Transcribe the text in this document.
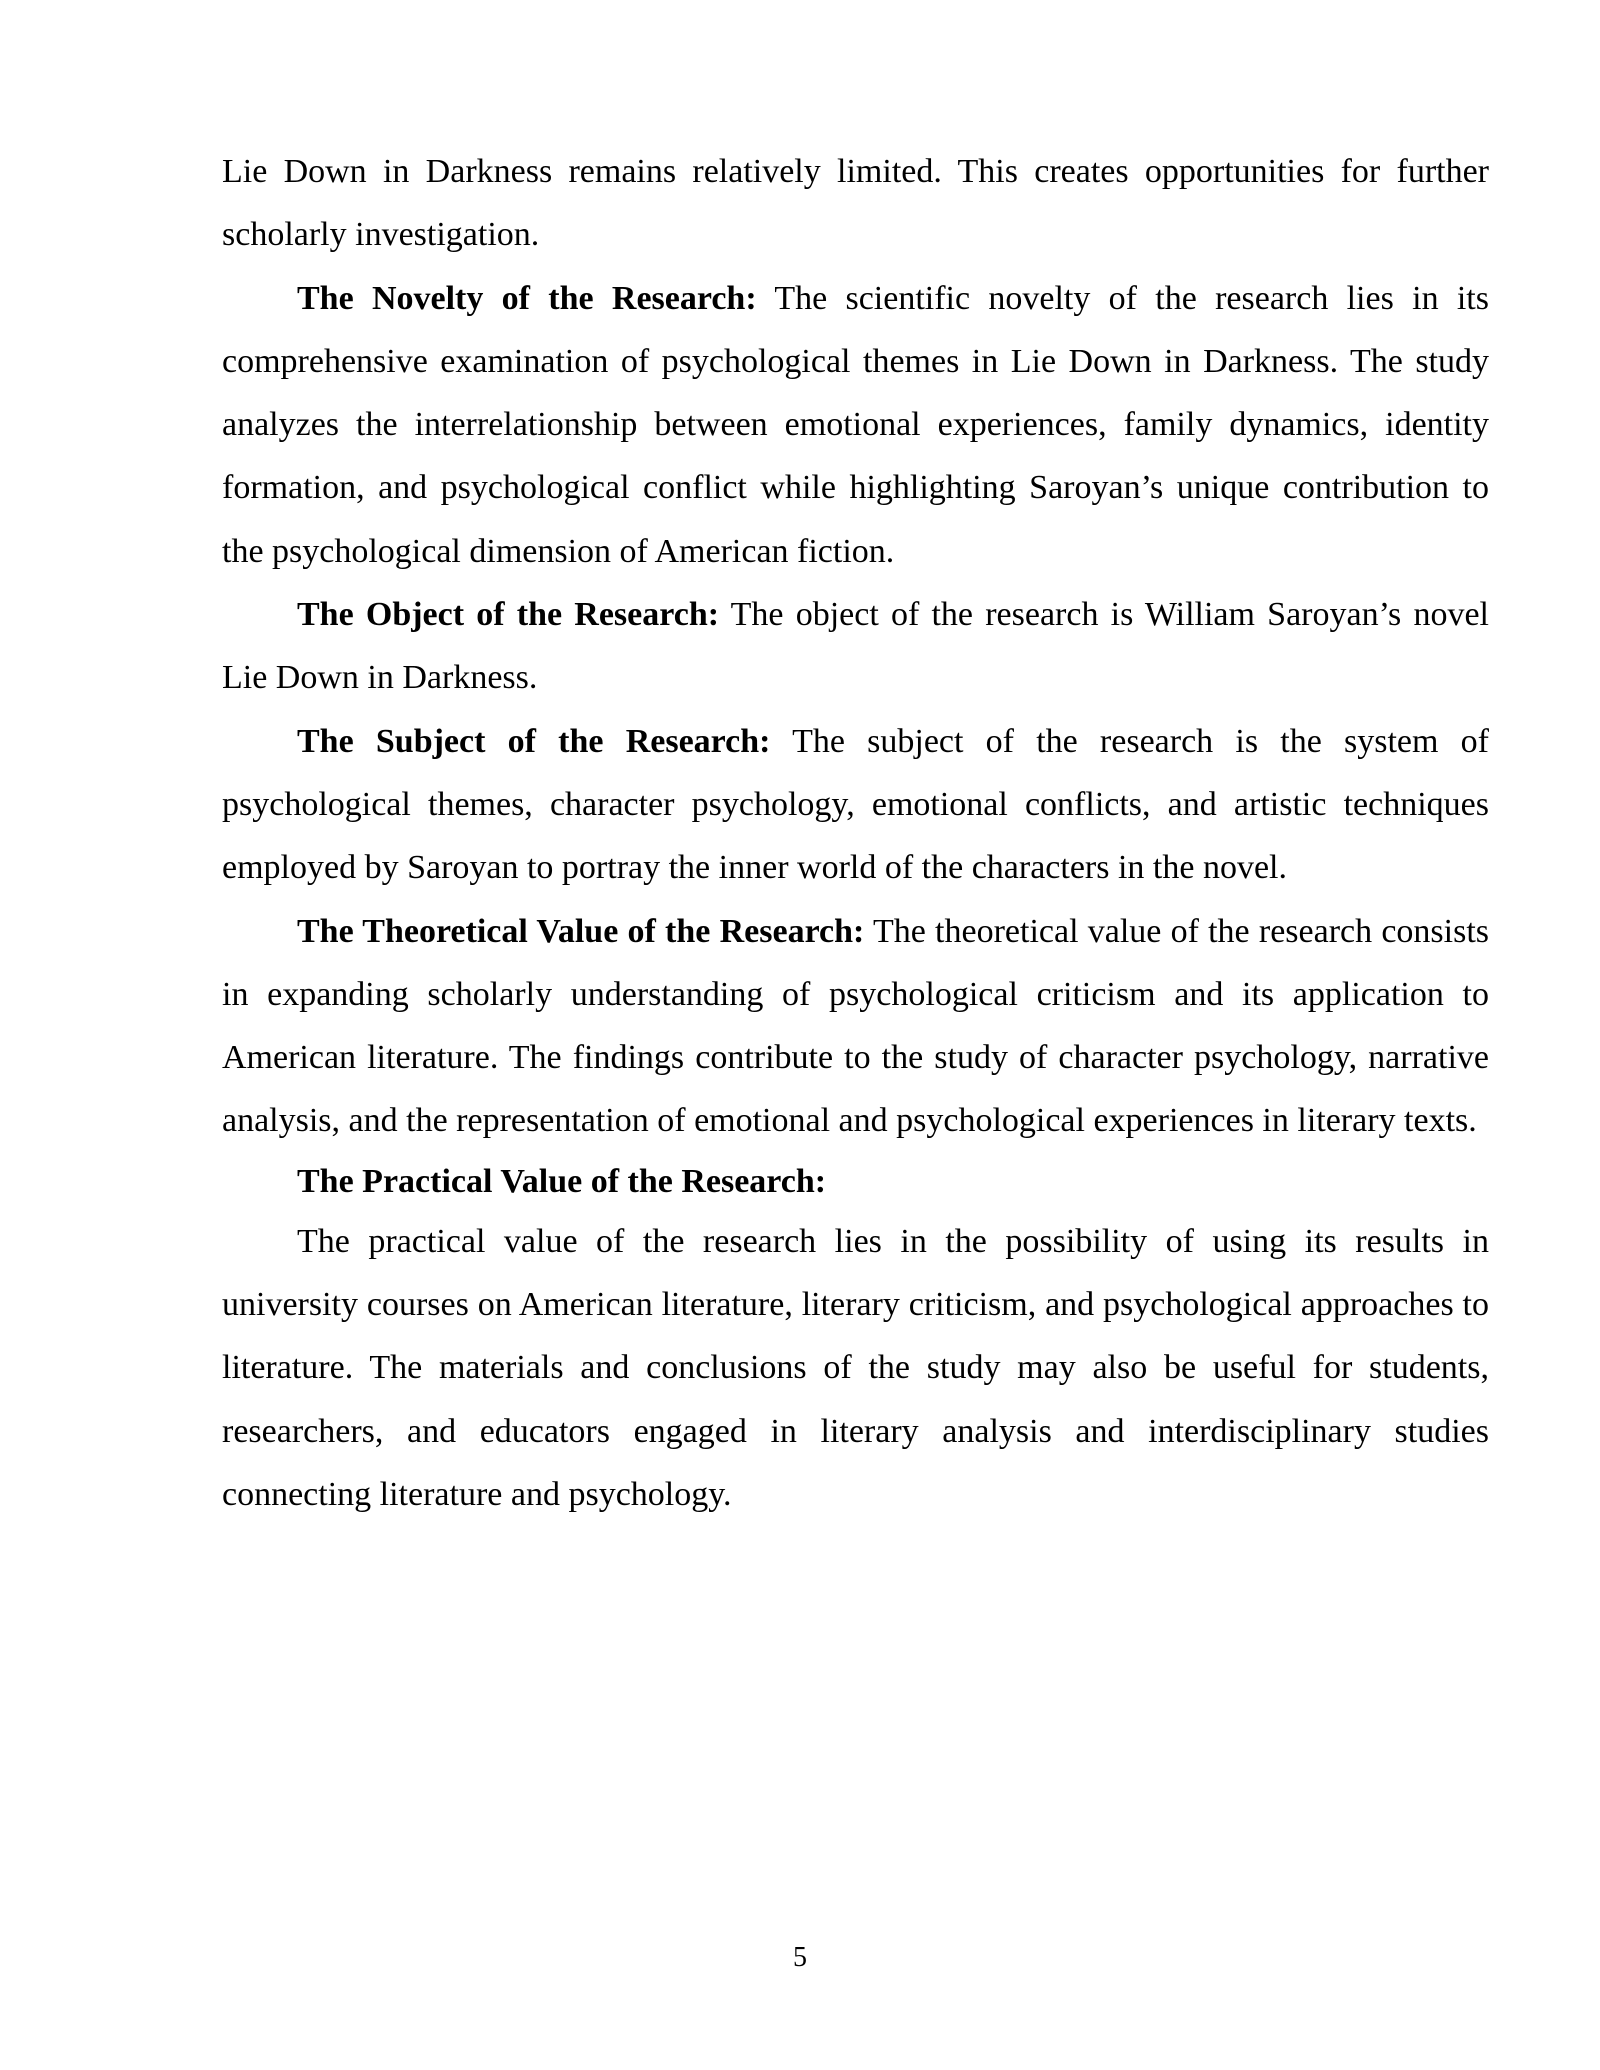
Lie Down in Darkness remains relatively limited. This creates opportunities for further scholarly investigation.

The Novelty of the Research: The scientific novelty of the research lies in its comprehensive examination of psychological themes in Lie Down in Darkness. The study analyzes the interrelationship between emotional experiences, family dynamics, identity formation, and psychological conflict while highlighting Saroyan’s unique contribution to the psychological dimension of American fiction.

The Object of the Research: The object of the research is William Saroyan’s novel Lie Down in Darkness.

The Subject of the Research: The subject of the research is the system of psychological themes, character psychology, emotional conflicts, and artistic techniques employed by Saroyan to portray the inner world of the characters in the novel.

The Theoretical Value of the Research: The theoretical value of the research consists in expanding scholarly understanding of psychological criticism and its application to American literature. The findings contribute to the study of character psychology, narrative analysis, and the representation of emotional and psychological experiences in literary texts.

The Practical Value of the Research:

The practical value of the research lies in the possibility of using its results in university courses on American literature, literary criticism, and psychological approaches to literature. The materials and conclusions of the study may also be useful for students, researchers, and educators engaged in literary analysis and interdisciplinary studies connecting literature and psychology.

5
